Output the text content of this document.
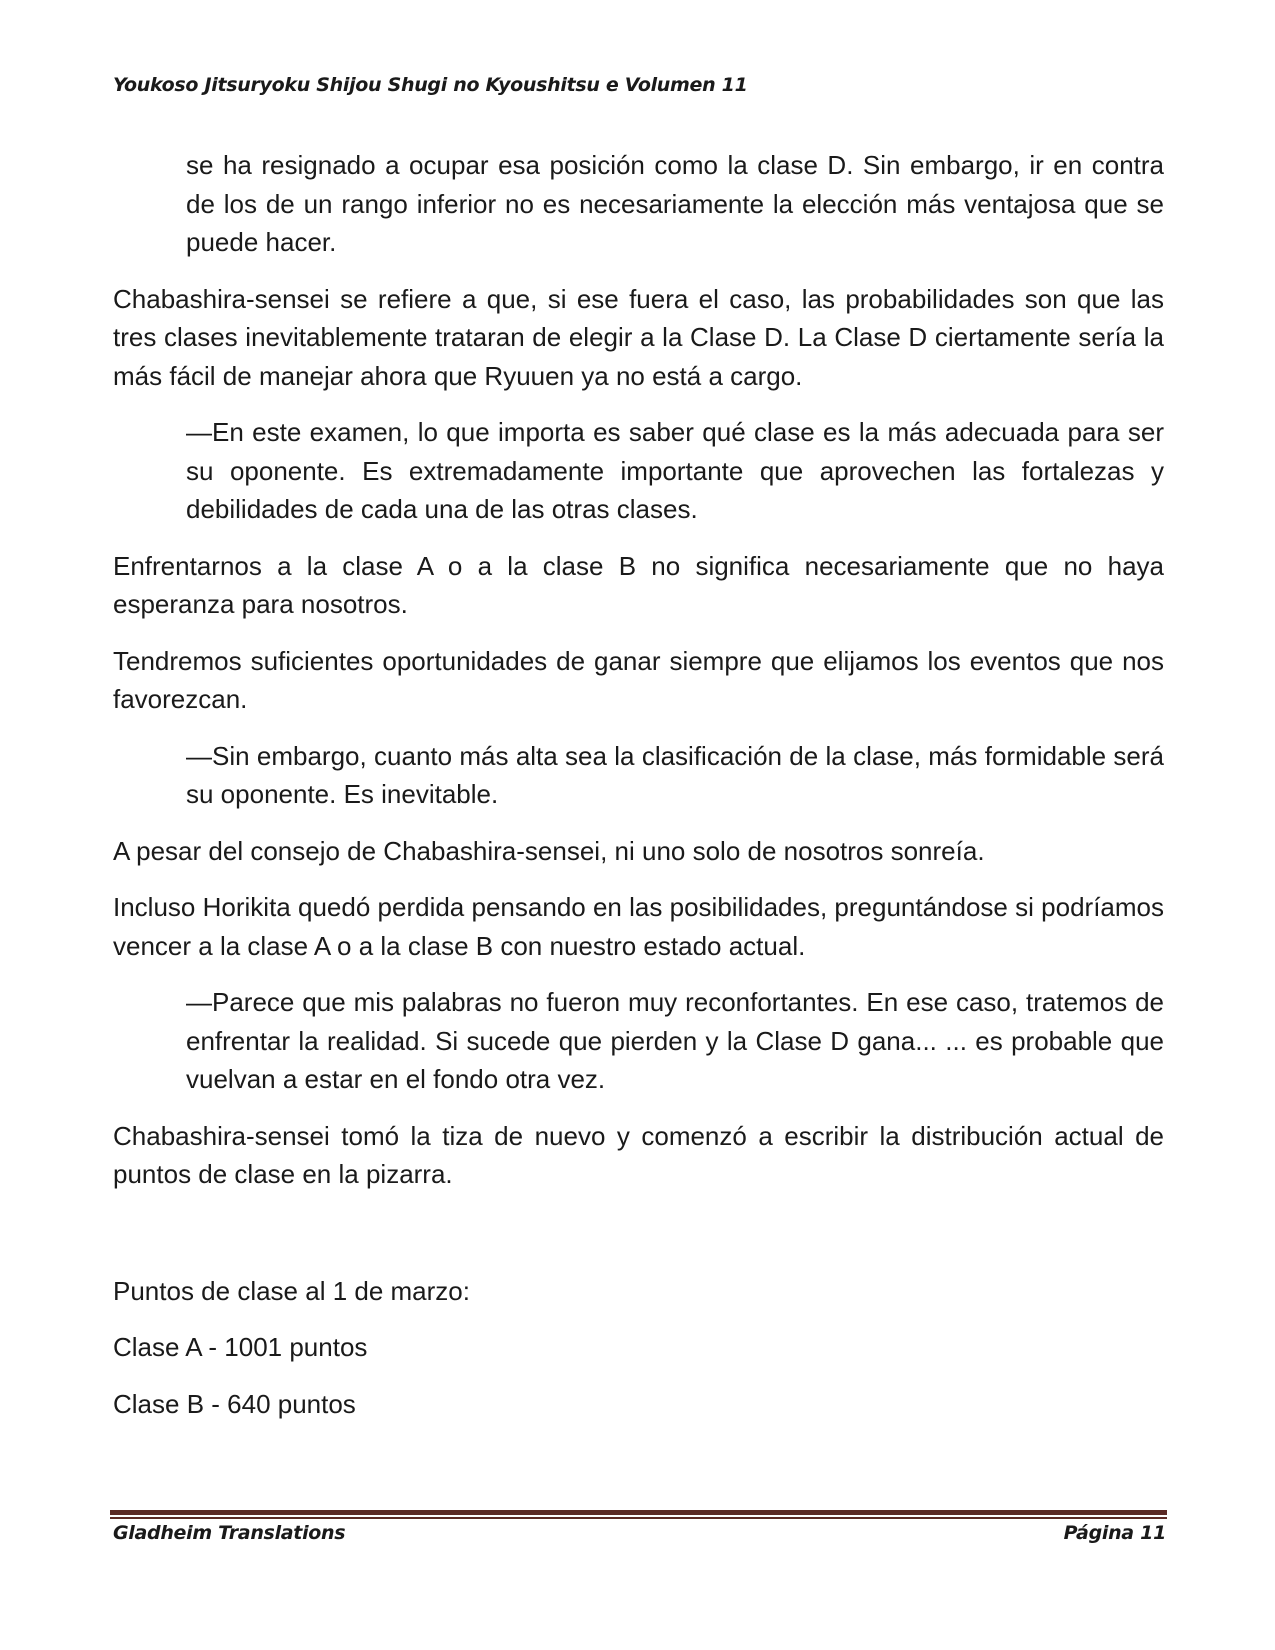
Youkoso Jitsuryoku Shijou Shugi no Kyoushitsu e Volumen 11

se ha resignado a ocupar esa posición como la clase D. Sin embargo, ir en contra de los de un rango inferior no es necesariamente la elección más ventajosa que se puede hacer.

Chabashira-sensei se refiere a que, si ese fuera el caso, las probabilidades son que las tres clases inevitablemente trataran de elegir a la Clase D. La Clase D ciertamente sería la más fácil de manejar ahora que Ryuuen ya no está a cargo.

—En este examen, lo que importa es saber qué clase es la más adecuada para ser su oponente. Es extremadamente importante que aprovechen las fortalezas y debilidades de cada una de las otras clases.

Enfrentarnos a la clase A o a la clase B no significa necesariamente que no haya esperanza para nosotros.

Tendremos suficientes oportunidades de ganar siempre que elijamos los eventos que nos favorezcan.

—Sin embargo, cuanto más alta sea la clasificación de la clase, más formidable será su oponente. Es inevitable.

A pesar del consejo de Chabashira-sensei, ni uno solo de nosotros sonreía.

Incluso Horikita quedó perdida pensando en las posibilidades, preguntándose si podríamos vencer a la clase A o a la clase B con nuestro estado actual.

—Parece que mis palabras no fueron muy reconfortantes. En ese caso, tratemos de enfrentar la realidad. Si sucede que pierden y la Clase D gana... ... es probable que vuelvan a estar en el fondo otra vez.

Chabashira-sensei tomó la tiza de nuevo y comenzó a escribir la distribución actual de puntos de clase en la pizarra.

Puntos de clase al 1 de marzo:

Clase A - 1001 puntos

Clase B - 640 puntos

Gladheim Translations	Página 11
